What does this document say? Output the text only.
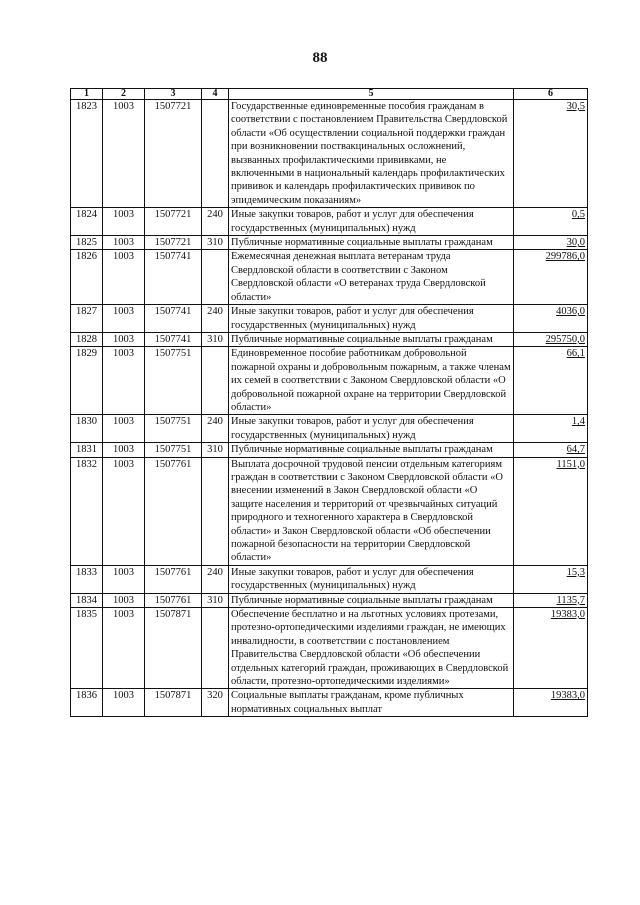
88
1	2	3	4	5	6
1823	1003	1507721		Государственные единовременные пособия гражданам в соответствии с постановлением Правительства Свердловской области «Об осуществлении социальной поддержки граждан при возникновении поствакцинальных осложнений, вызванных профилактическими прививками, не включенными в национальный календарь профилактических прививок и календарь профилактических прививок по эпидемическим показаниям»	30,5
1824	1003	1507721	240	Иные закупки товаров, работ и услуг для обеспечения государственных (муниципальных) нужд	0,5
1825	1003	1507721	310	Публичные нормативные социальные выплаты гражданам	30,0
1826	1003	1507741		Ежемесячная денежная выплата ветеранам труда Свердловской области в соответствии с Законом Свердловской области «О ветеранах труда Свердловской области»	299786,0
1827	1003	1507741	240	Иные закупки товаров, работ и услуг для обеспечения государственных (муниципальных) нужд	4036,0
1828	1003	1507741	310	Публичные нормативные социальные выплаты гражданам	295750,0
1829	1003	1507751		Единовременное пособие работникам добровольной пожарной охраны и добровольным пожарным, а также членам их семей в соответствии с Законом Свердловской области «О добровольной пожарной охране на территории Свердловской области»	66,1
1830	1003	1507751	240	Иные закупки товаров, работ и услуг для обеспечения государственных (муниципальных) нужд	1,4
1831	1003	1507751	310	Публичные нормативные социальные выплаты гражданам	64,7
1832	1003	1507761		Выплата досрочной трудовой пенсии отдельным категориям граждан в соответствии с Законом Свердловской области «О внесении изменений в Закон Свердловской области «О защите населения и территорий от чрезвычайных ситуаций природного и техногенного характера в Свердловской области» и Закон Свердловской области «Об обеспечении пожарной безопасности на территории Свердловской области»	1151,0
1833	1003	1507761	240	Иные закупки товаров, работ и услуг для обеспечения государственных (муниципальных) нужд	15,3
1834	1003	1507761	310	Публичные нормативные социальные выплаты гражданам	1135,7
1835	1003	1507871		Обеспечение бесплатно и на льготных условиях протезами, протезно-ортопедическими изделиями граждан, не имеющих инвалидности, в соответствии с постановлением Правительства Свердловской области «Об обеспечении отдельных категорий граждан, проживающих в Свердловской области, протезно-ортопедическими изделиями»	19383,0
1836	1003	1507871	320	Социальные выплаты гражданам, кроме публичных нормативных социальных выплат	19383,0
